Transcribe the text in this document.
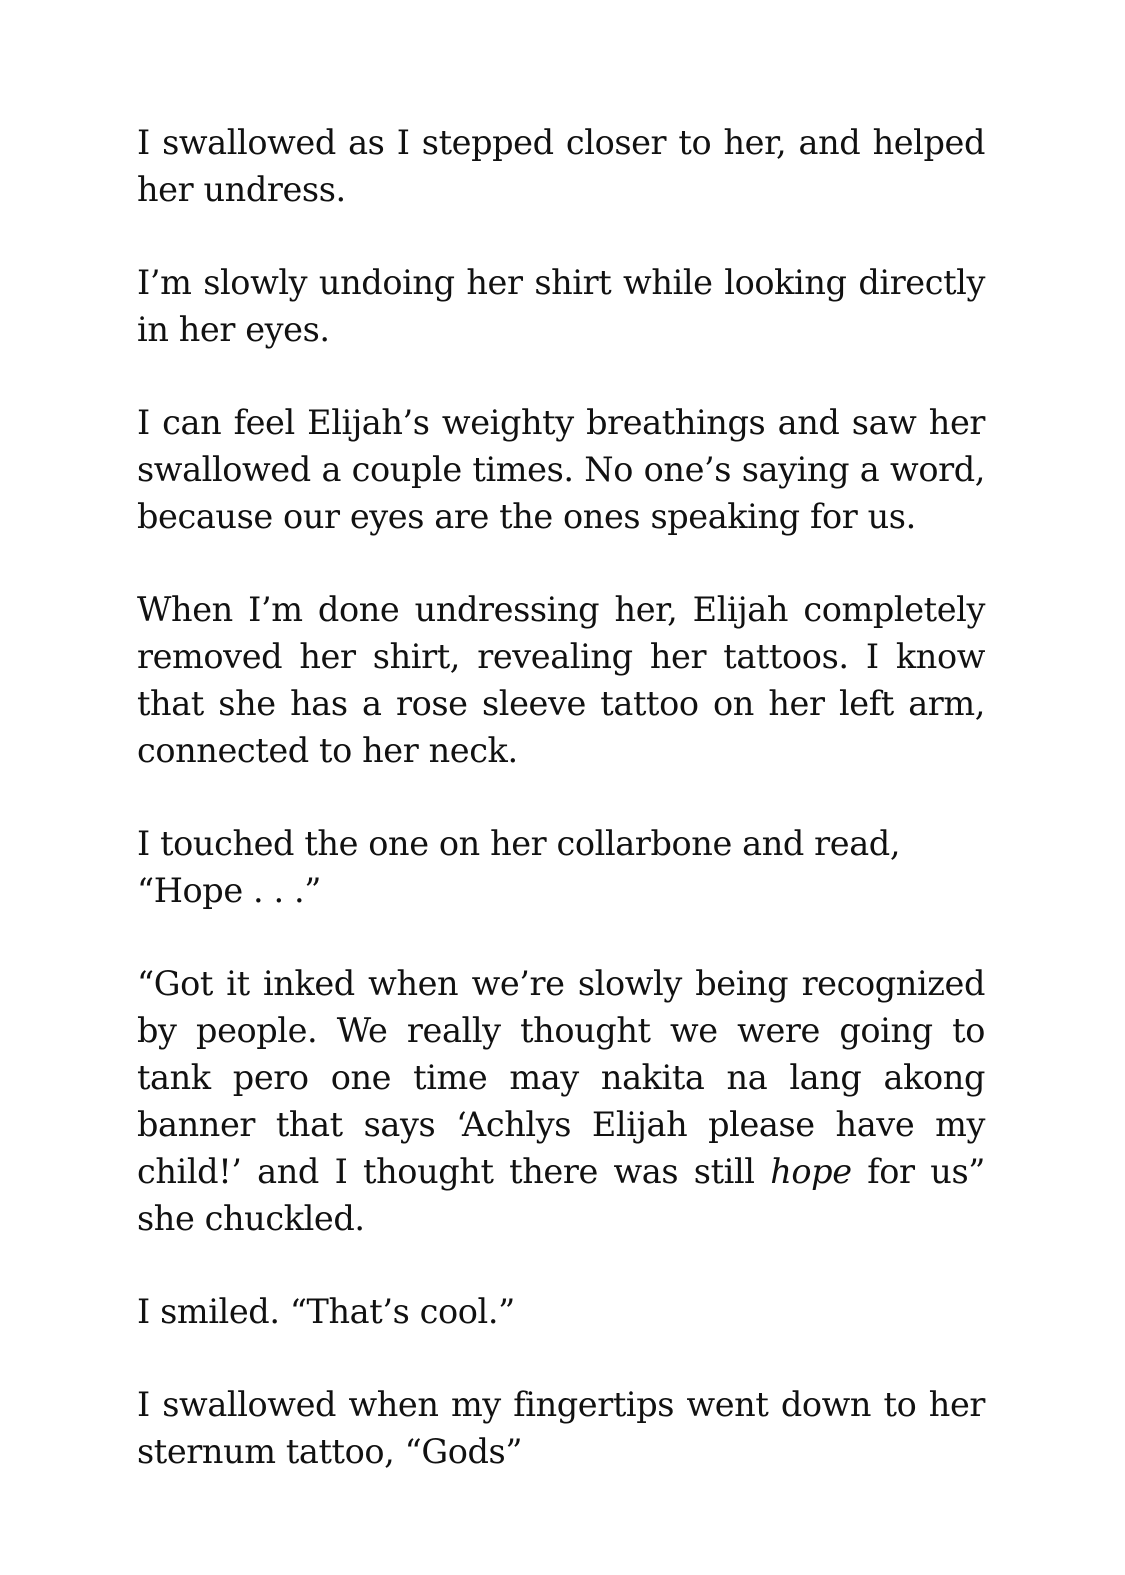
I swallowed as I stepped closer to her, and helped her undress.

I’m slowly undoing her shirt while looking directly in her eyes.

I can feel Elijah’s weighty breathings and saw her swallowed a couple times. No one’s saying a word, because our eyes are the ones speaking for us.

When I’m done undressing her, Elijah completely removed her shirt, revealing her tattoos. I know that she has a rose sleeve tattoo on her left arm, connected to her neck.

I touched the one on her collarbone and read,
“Hope . . .”

“Got it inked when we’re slowly being recognized by people. We really thought we were going to tank pero one time may nakita na lang akong banner that says ‘Achlys Elijah please have my child!’ and I thought there was still hope for us” she chuckled.

I smiled. “That’s cool.”

I swallowed when my fingertips went down to her sternum tattoo, “Gods”
